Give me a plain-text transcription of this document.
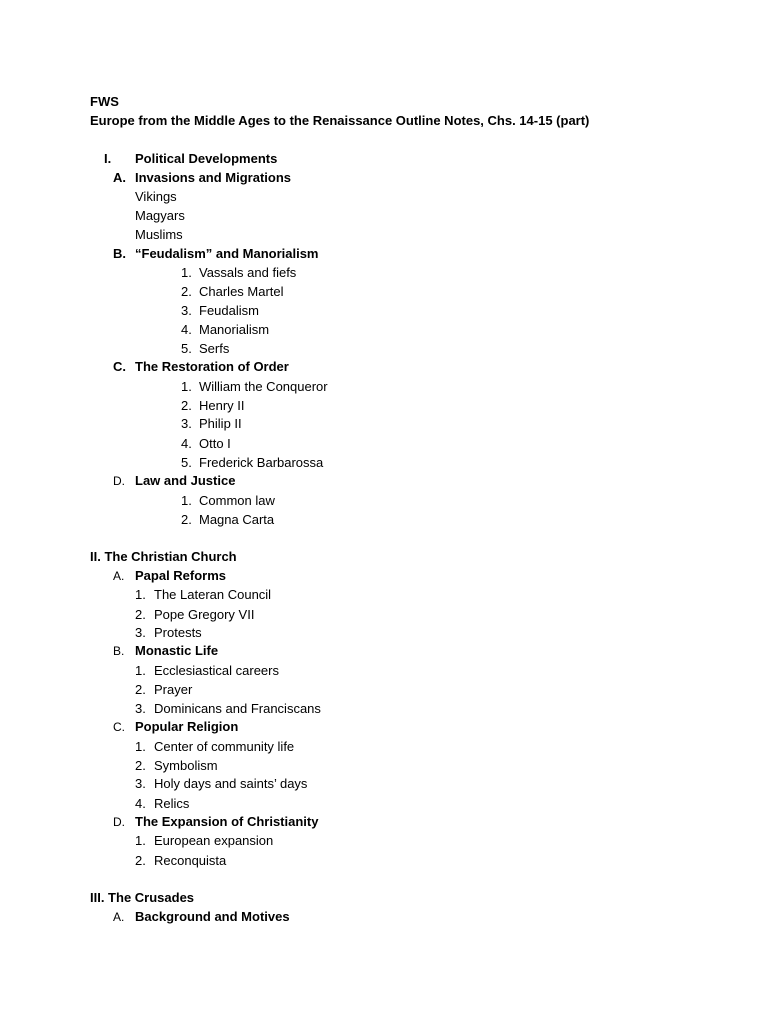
FWS
Europe from the Middle Ages to the Renaissance Outline Notes, Chs. 14-15 (part)
I. Political Developments
A. Invasions and Migrations
Vikings
Magyars
Muslims
B. “Feudalism” and Manorialism
1. Vassals and fiefs
2. Charles Martel
3. Feudalism
4. Manorialism
5. Serfs
C. The Restoration of Order
1. William the Conqueror
2. Henry II
3. Philip II
4. Otto I
5. Frederick Barbarossa
D. Law and Justice
1. Common law
2. Magna Carta
II. The Christian Church
A. Papal Reforms
1. The Lateran Council
2. Pope Gregory VII
3. Protests
B. Monastic Life
1. Ecclesiastical careers
2. Prayer
3. Dominicans and Franciscans
C. Popular Religion
1. Center of community life
2. Symbolism
3. Holy days and saints’ days
4. Relics
D. The Expansion of Christianity
1. European expansion
2. Reconquista
III. The Crusades
A. Background and Motives
